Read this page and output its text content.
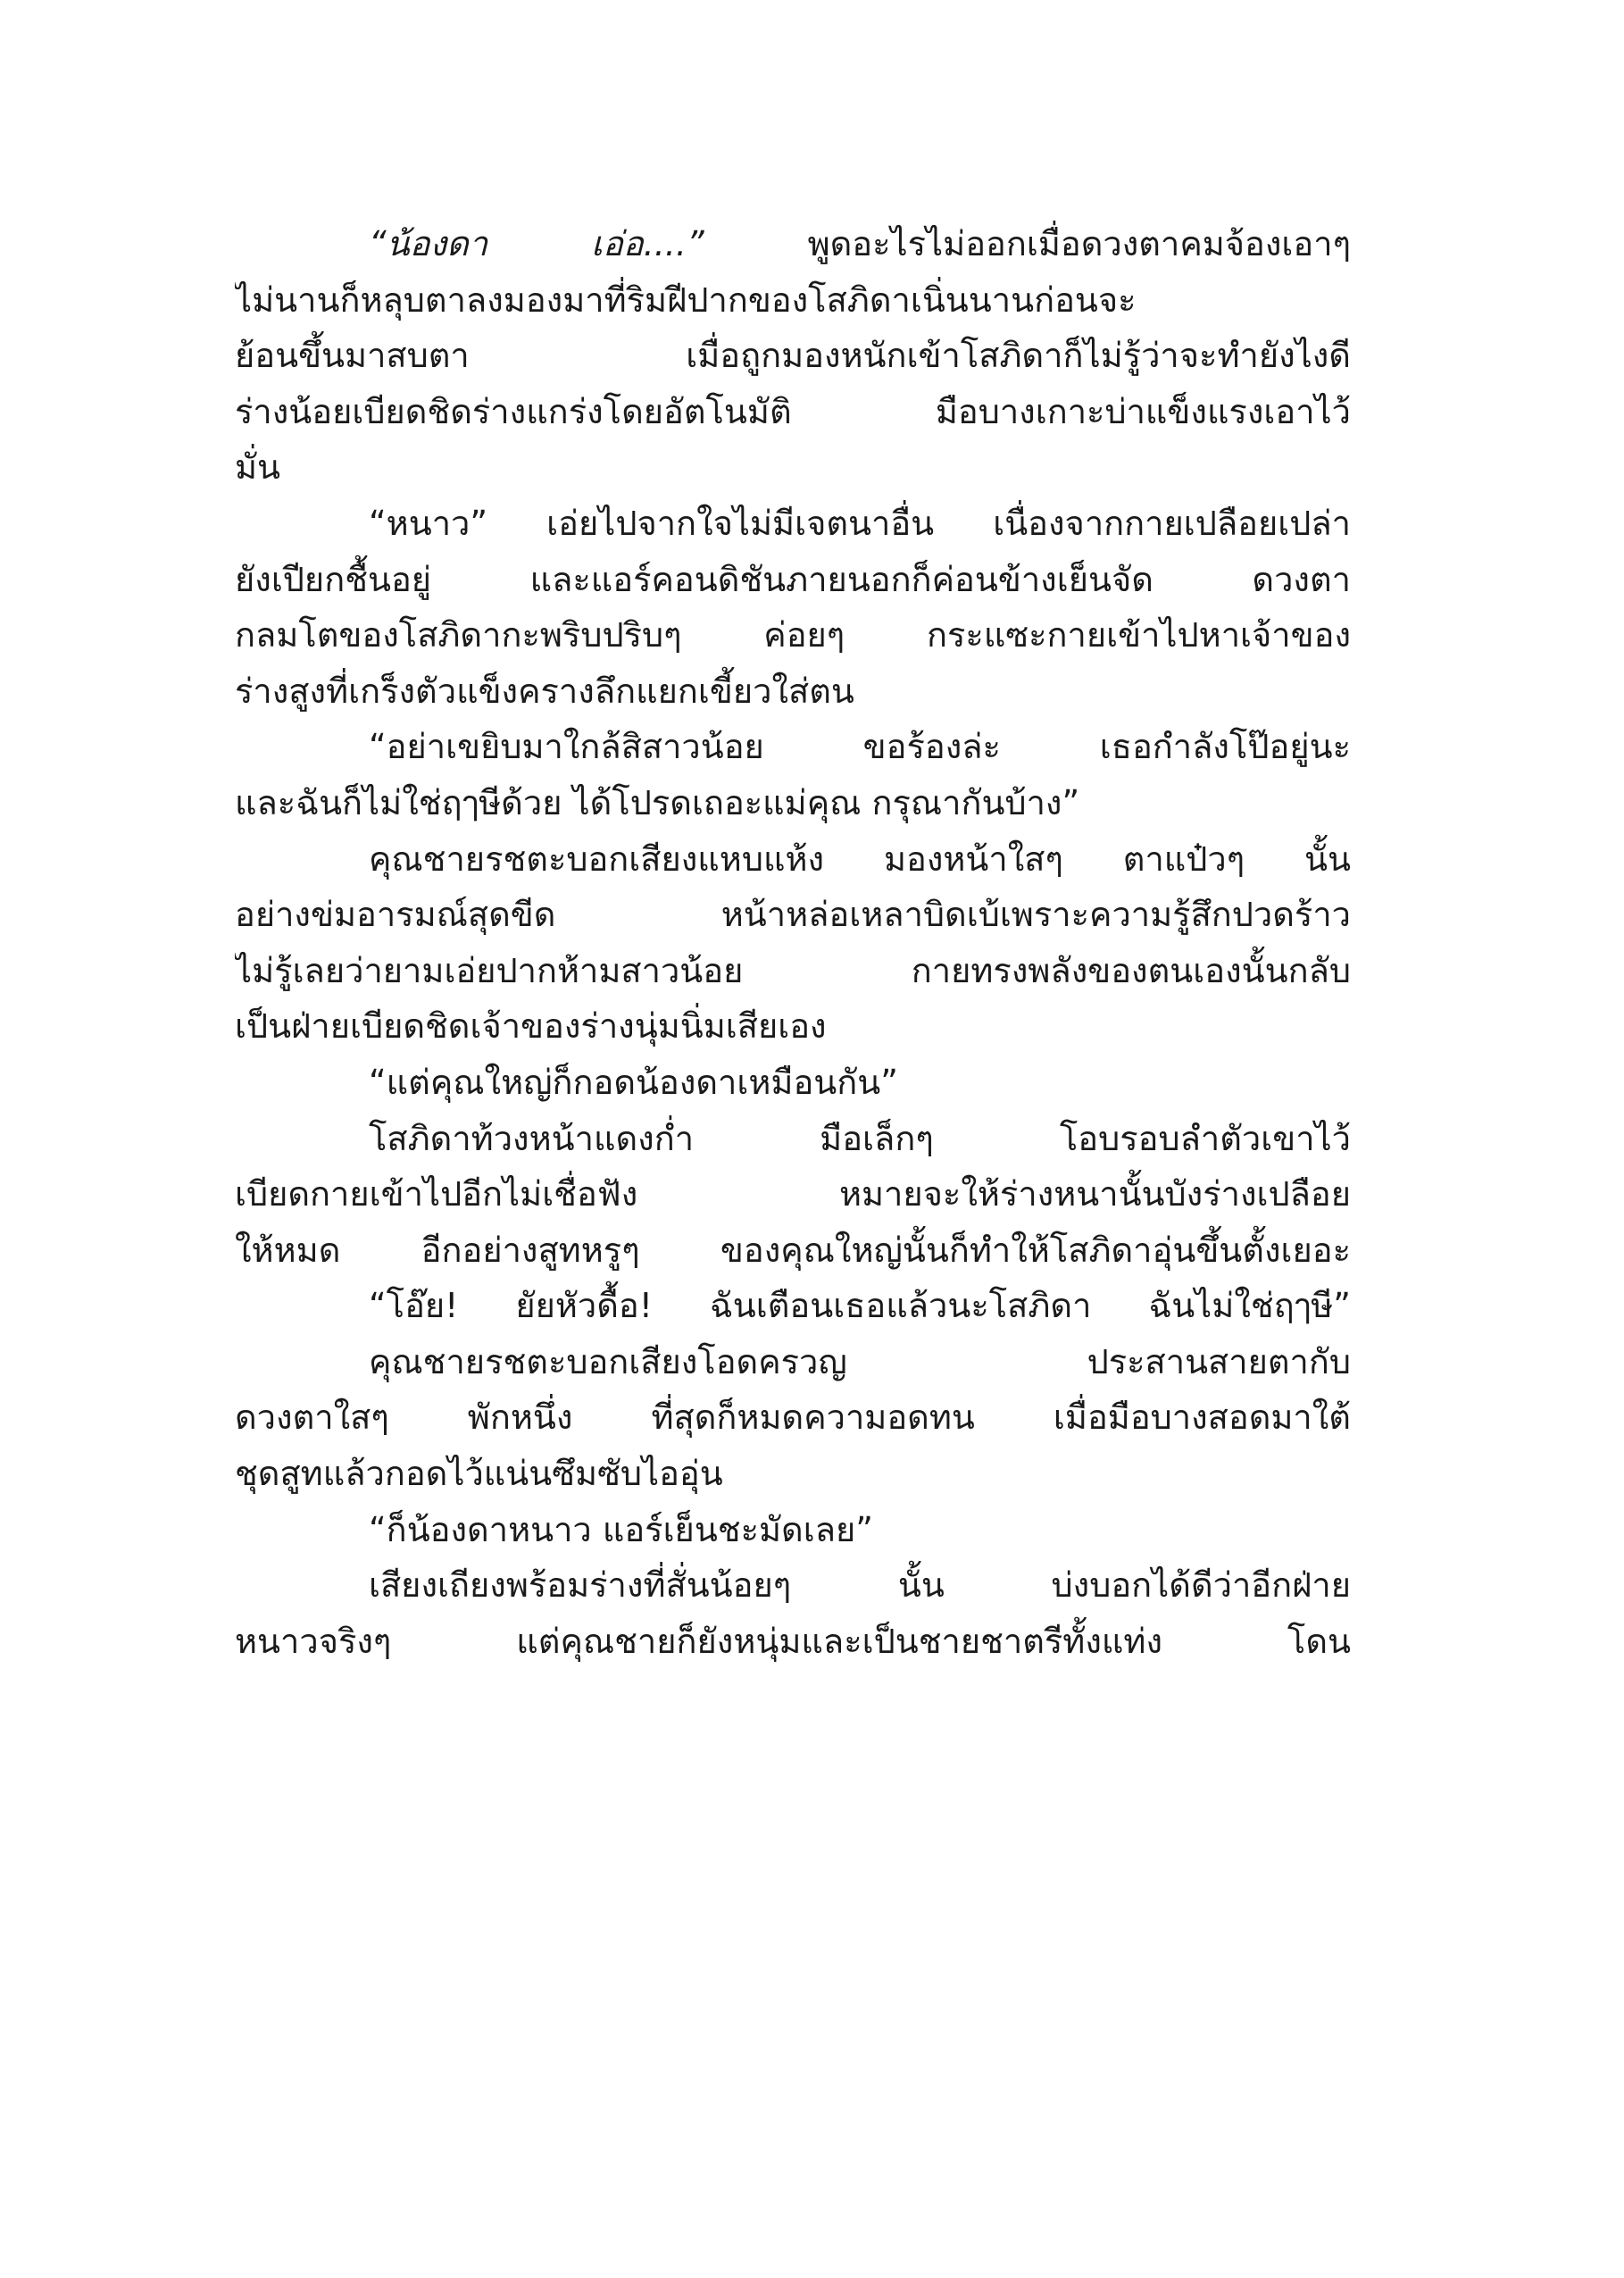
“น้องดา เอ่อ....” พูดอะไรไม่ออกเมื่อดวงตาคมจ้องเอาๆ
ไม่นานก็หลุบตาลงมองมาที่ริมฝีปากของโสภิดาเนิ่นนานก่อนจะ
ย้อนขึ้นมาสบตา เมื่อถูกมองหนักเข้าโสภิดาก็ไม่รู้ว่าจะทำยังไงดี
ร่างน้อยเบียดชิดร่างแกร่งโดยอัตโนมัติ มือบางเกาะบ่าแข็งแรงเอาไว้
มั่น
“หนาว” เอ่ยไปจากใจไม่มีเจตนาอื่น เนื่องจากกายเปลือยเปล่า
ยังเปียกชื้นอยู่ และแอร์คอนดิชันภายนอกก็ค่อนข้างเย็นจัด ดวงตา
กลมโตของโสภิดากะพริบปริบๆ ค่อยๆ กระแซะกายเข้าไปหาเจ้าของ
ร่างสูงที่เกร็งตัวแข็งครางลึกแยกเขี้ยวใส่ตน
“อย่าเขยิบมาใกล้สิสาวน้อย ขอร้องล่ะ เธอกำลังโป๊อยู่นะ
และฉันก็ไม่ใช่ฤๅษีด้วย ได้โปรดเถอะแม่คุณ กรุณากันบ้าง”
คุณชายรชตะบอกเสียงแหบแห้ง มองหน้าใสๆ ตาแป๋วๆ นั้น
อย่างข่มอารมณ์สุดขีด หน้าหล่อเหลาบิดเบ้เพราะความรู้สึกปวดร้าว
ไม่รู้เลยว่ายามเอ่ยปากห้ามสาวน้อย กายทรงพลังของตนเองนั้นกลับ
เป็นฝ่ายเบียดชิดเจ้าของร่างนุ่มนิ่มเสียเอง
“แต่คุณใหญ่ก็กอดน้องดาเหมือนกัน”
โสภิดาท้วงหน้าแดงก่ำ มือเล็กๆ โอบรอบลำตัวเขาไว้
เบียดกายเข้าไปอีกไม่เชื่อฟัง หมายจะให้ร่างหนานั้นบังร่างเปลือย
ให้หมด อีกอย่างสูทหรูๆ ของคุณใหญ่นั้นก็ทำให้โสภิดาอุ่นขึ้นตั้งเยอะ
“โอ๊ย! ยัยหัวดื้อ! ฉันเตือนเธอแล้วนะโสภิดา ฉันไม่ใช่ฤๅษี”
คุณชายรชตะบอกเสียงโอดครวญ ประสานสายตากับ
ดวงตาใสๆ พักหนึ่ง ที่สุดก็หมดความอดทน เมื่อมือบางสอดมาใต้
ชุดสูทแล้วกอดไว้แน่นซึมซับไออุ่น
“ก็น้องดาหนาว แอร์เย็นชะมัดเลย”
เสียงเถียงพร้อมร่างที่สั่นน้อยๆ นั้น บ่งบอกได้ดีว่าอีกฝ่าย
หนาวจริงๆ แต่คุณชายก็ยังหนุ่มและเป็นชายชาตรีทั้งแท่ง โดน
